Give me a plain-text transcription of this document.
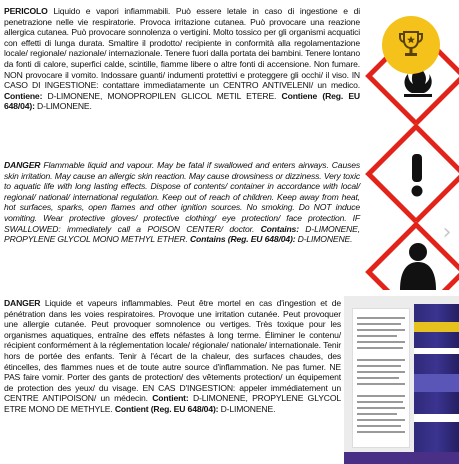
PERICOLO Liquido e vapori infiammabili. Può essere letale in caso di ingestione e di penetrazione nelle vie respiratorie. Provoca irritazione cutanea. Può provocare una reazione allergica cutanea. Può provocare sonnolenza o vertigini. Molto tossico per gli organismi acquatici con effetti di lunga durata. Smaltire il prodotto/ recipiente in conformità alla regolamentazione locale/ regionale/ nazionale/ internazionale. Tenere fuori dalla portata dei bambini. Tenere lontano da fonti di calore, superfici calde, scintille, fiamme libere o altre fonti di accensione. Non fumare. NON provocare il vomito. Indossare guanti/ indumenti protettivi e proteggere gli occhi/ il viso. IN CASO DI INGESTIONE: contattare immediatamente un CENTRO ANTIVELENI/ un medico. Contiene: D-LIMONENE, MONOPROPILEN GLICOL METIL ETERE. Contiene (Reg. EU 648/04): D-LIMONENE.
DANGER Flammable liquid and vapour. May be fatal if swallowed and enters airways. Causes skin irritation. May cause an allergic skin reaction. May cause drowsiness or dizziness. Very toxic to aquatic life with long lasting effects. Dispose of contents/ container in accordance with local/ regional/ national/ international regulation. Keep out of reach of children. Keep away from heat, hot surfaces, sparks, open flames and other ignition sources. No smoking. Do NOT induce vomiting. Wear protective gloves/ protective clothing/ eye protection/ face protection. IF SWALLOWED: immediately call a POISON CENTER/ doctor. Contains: D-LIMONENE, PROPYLENE GLYCOL MONO METHYL ETHER. Contains (Reg. EU 648/04): D-LIMONENE.
DANGER Liquide et vapeurs inflammables. Peut être mortel en cas d'ingestion et de pénétration dans les voies respiratoires. Provoque une irritation cutanée. Peut provoquer une allergie cutanée. Peut provoquer somnolence ou vertiges. Très toxique pour les organismes aquatiques, entraîne des effets néfastes à long terme. Éliminer le contenu/ récipient conformément à la réglementation locale/ régionale/ nationale/ internationale. Tenir hors de portée des enfants. Tenir à l'écart de la chaleur, des surfaces chaudes, des étincelles, des flammes nues et de toute autre source d'inflammation. Ne pas fumer. NE PAS faire vomir. Porter des gants de protection/ des vêtements protection/ un équipement de protection des yeux/ du visage. EN CAS D'INGESTION: appeler immédiatement un CENTRE ANTIPOISON/ un médecin. Contient: D-LIMONENE, PROPYLENE GLYCOL ETRE MONO DE METHYLE. Contient (Reg. EU 648/04): D-LIMONENE.
›
